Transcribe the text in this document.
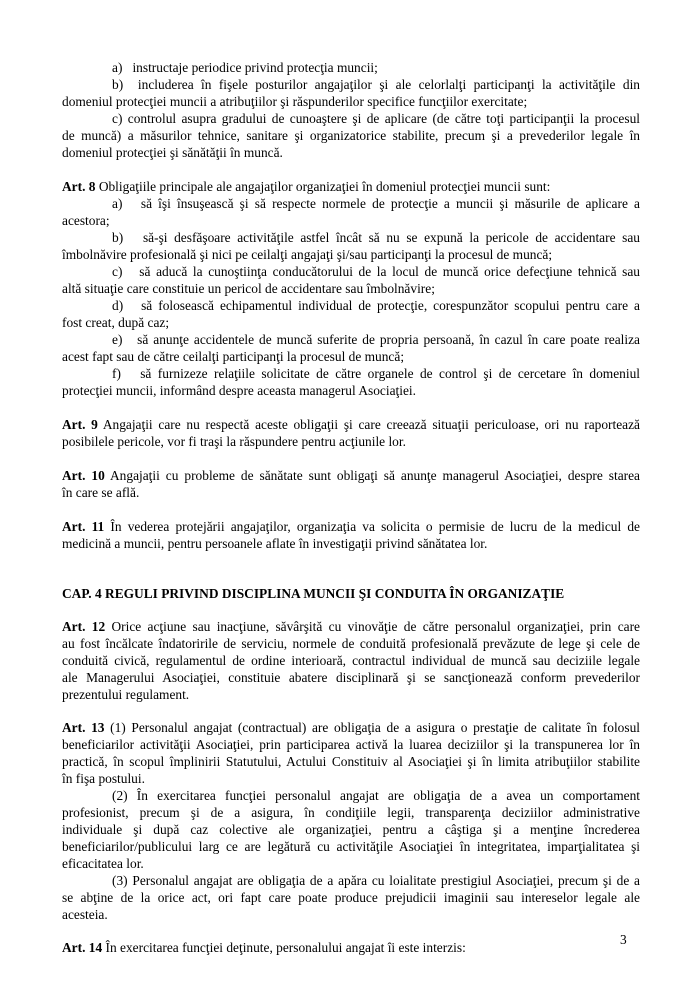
a)   instructaje periodice privind protecţia muncii;
b)  includerea în fişele posturilor angajaţilor şi ale celorlalţi participanţi la activităţile din
domeniul protecţiei muncii a atribuţiilor şi răspunderilor specifice funcţiilor exercitate;
c) controlul asupra gradului de cunoaştere şi de aplicare (de către toţi participanţii la procesul
de muncă) a măsurilor tehnice, sanitare şi organizatorice stabilite, precum şi a prevederilor legale în
domeniul protecţiei şi sănătăţii în muncă.
Art. 8 Obligaţiile principale ale angajaţilor organizaţiei în domeniul protecţiei muncii sunt:
a)   să îşi însuşească şi să respecte normele de protecţie a muncii şi măsurile de aplicare a
acestora;
b)   să-şi desfăşoare activităţile astfel încât să nu se expună la pericole de accidentare sau
îmbolnăvire profesională şi nici pe ceilalţi angajaţi şi/sau participanţi la procesul de muncă;
c)   să aducă la cunoştiinţa conducătorului de la locul de muncă orice defecţiune tehnică sau
altă situaţie care constituie un pericol de accidentare sau îmbolnăvire;
d)   să folosească echipamentul individual de protecţie, corespunzător scopului pentru care a
fost creat, după caz;
e)   să anunţe accidentele de muncă suferite de propria persoană, în cazul în care poate realiza
acest fapt sau de către ceilalţi participanţi la procesul de muncă;
f)   să furnizeze relaţiile solicitate de către organele de control şi de cercetare în domeniul
protecţiei muncii, informând despre aceasta managerul Asociaţiei.
Art. 9 Angajaţii care nu respectă aceste obligaţii şi care creează situaţii periculoase, ori nu raportează
posibilele pericole, vor fi traşi la răspundere pentru acţiunile lor.
Art. 10 Angajaţii cu probleme de sănătate sunt obligaţi să anunţe managerul Asociaţiei, despre starea
în care se află.
Art. 11 În vederea protejării angajaţilor, organizaţia va solicita o permisie de lucru de la medicul de
medicină a muncii, pentru persoanele aflate în investigaţii privind sănătatea lor.
CAP. 4 REGULI PRIVIND DISCIPLINA MUNCII ŞI CONDUITA ÎN ORGANIZAŢIE
Art. 12 Orice acţiune sau inacţiune, săvârşită cu vinovăţie de către personalul organizaţiei, prin care
au fost încălcate îndatoririle de serviciu, normele de conduită profesională prevăzute de lege şi cele de
conduită civică, regulamentul de ordine interioară, contractul individual de muncă sau deciziile legale
ale Managerului Asociaţiei, constituie abatere disciplinară şi se sancţionează conform prevederilor
prezentului regulament.
Art. 13 (1) Personalul angajat (contractual) are obligaţia de a asigura o prestaţie de calitate în folosul
beneficiarilor activităţii Asociaţiei, prin participarea activă la luarea deciziilor şi la transpunerea lor în
practică, în scopul împlinirii Statutului, Actului Constituiv al Asociaţiei şi în limita atribuţiilor stabilite
în fişa postului.
(2) În exercitarea funcţiei personalul angajat are obligaţia de a avea un comportament
profesionist, precum şi de a asigura, în condiţiile legii, transparenţa deciziilor administrative
individuale şi după caz colective ale organizaţiei, pentru a câştiga şi a menţine încrederea
beneficiarilor/publicului larg ce are legătură cu activităţile Asociaţiei în integritatea, imparţialitatea şi
eficacitatea lor.
(3) Personalul angajat are obligaţia de a apăra cu loialitate prestigiul Asociaţiei, precum şi de a
se abţine de la orice act, ori fapt care poate produce prejudicii imaginii sau intereselor legale ale
acesteia.
Art. 14 În exercitarea funcţiei deţinute, personalului angajat îi este interzis:
3
